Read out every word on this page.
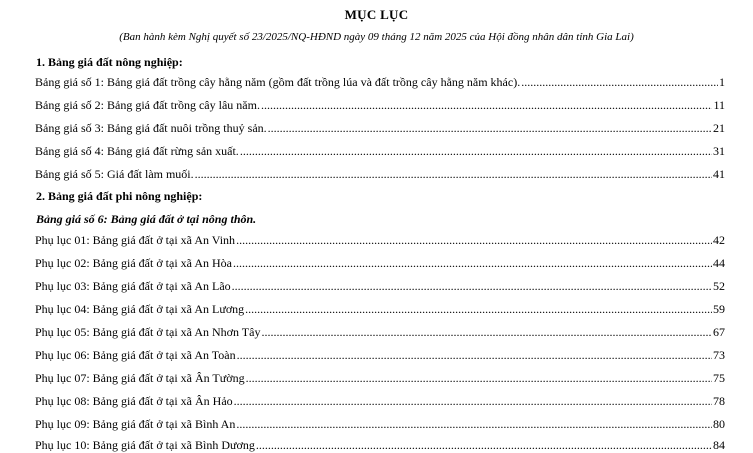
MỤC LỤC
(Ban hành kèm Nghị quyết số 23/2025/NQ-HĐND ngày 09 tháng 12 năm 2025 của Hội đồng nhân dân tỉnh Gia Lai)
1. Bảng giá đất nông nghiệp:
Bảng giá số 1: Bảng giá đất trồng cây hằng năm (gồm đất trồng lúa và đất trồng cây hằng năm khác). .....	1
Bảng giá số 2: Bảng giá đất trồng cây lâu năm. .....	11
Bảng giá số 3: Bảng giá đất nuôi trồng thuỷ sản. .....	21
Bảng giá số 4: Bảng giá đất rừng sản xuất. .....	31
Bảng giá số 5: Giá đất làm muối. .....	41
2. Bảng giá đất phi nông nghiệp:
Bảng giá số 6: Bảng giá đất ở tại nông thôn.
Phụ lục 01: Bảng giá đất ở tại xã An Vinh .....	42
Phụ lục 02: Bảng giá đất ở tại xã An Hòa .....	44
Phụ lục 03: Bảng giá đất ở tại xã An Lão .....	52
Phụ lục 04: Bảng giá đất ở tại xã An Lương .....	59
Phụ lục 05: Bảng giá đất ở tại xã An Nhơn Tây .....	67
Phụ lục 06: Bảng giá đất ở tại xã An Toàn .....	73
Phụ lục 07: Bảng giá đất ở tại xã Ân Tường .....	75
Phụ lục 08: Bảng giá đất ở tại xã Ân Hảo .....	78
Phụ lục 09: Bảng giá đất ở tại xã Bình An .....	80
Phụ lục 10: Bảng giá đất ở tại xã Bình Dương .....	84
